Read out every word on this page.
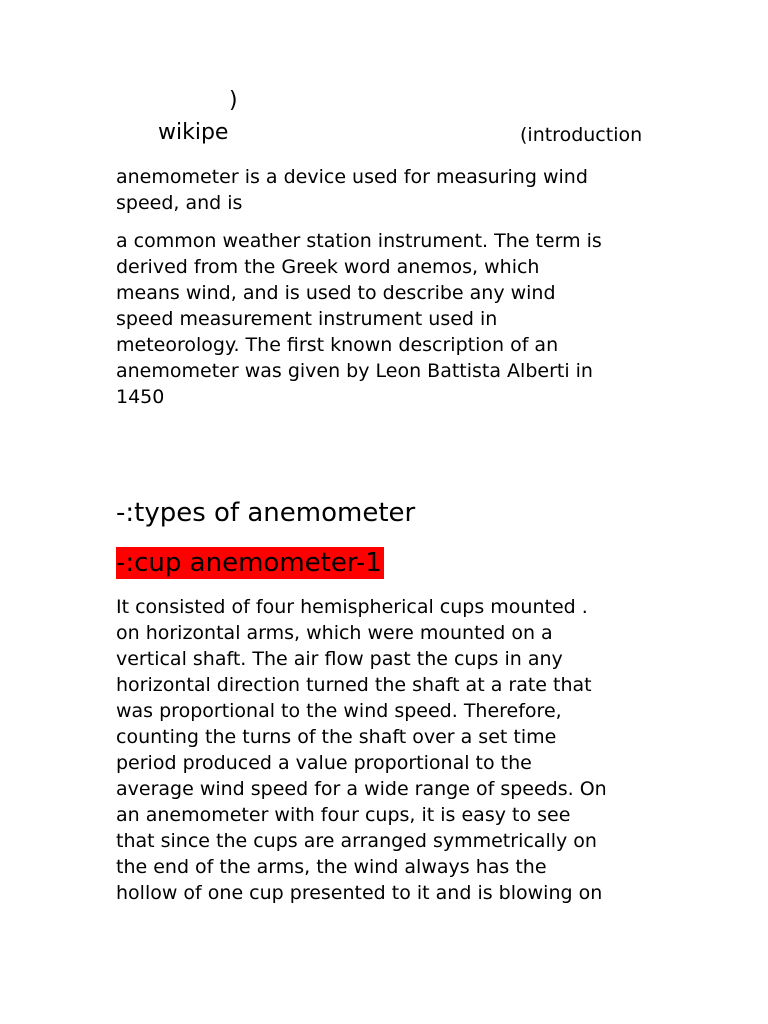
)
wikipe	(introduction
anemometer is a device used for measuring wind
speed, and is
a common weather station instrument. The term is
derived from the Greek word anemos, which
means wind, and is used to describe any wind
speed measurement instrument used in
meteorology. The first known description of an
anemometer was given by Leon Battista Alberti in
1450
-:types of anemometer
-:cup anemometer-1
It consisted of four hemispherical cups mounted .
on horizontal arms, which were mounted on a
vertical shaft. The air flow past the cups in any
horizontal direction turned the shaft at a rate that
was proportional to the wind speed. Therefore,
counting the turns of the shaft over a set time
period produced a value proportional to the
average wind speed for a wide range of speeds. On
an anemometer with four cups, it is easy to see
that since the cups are arranged symmetrically on
the end of the arms, the wind always has the
hollow of one cup presented to it and is blowing on
